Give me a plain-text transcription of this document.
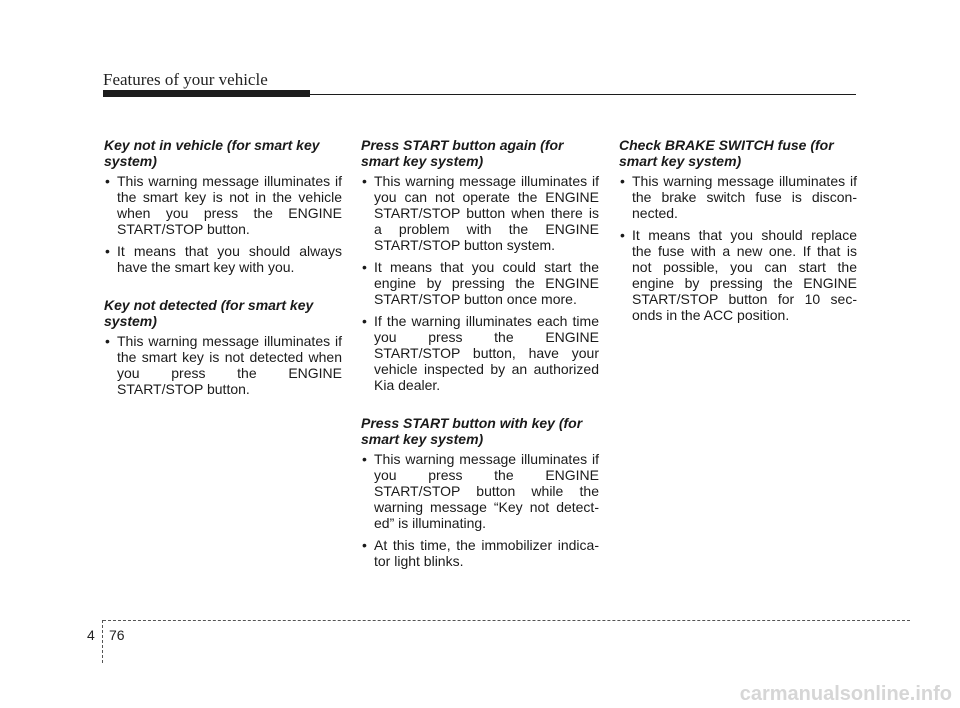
Features of your vehicle
Key not in vehicle (for smart key system)
• This warning message illuminates if the smart key is not in the vehicle when you press the ENGINE START/STOP button.
• It means that you should always have the smart key with you.
Key not detected (for smart key system)
• This warning message illuminates if the smart key is not detected when you press the ENGINE START/STOP button.
Press START button again (for smart key system)
• This warning message illuminates if you can not operate the ENGINE START/STOP button when there is a problem with the ENGINE START/STOP button system.
• It means that you could start the engine by pressing the ENGINE START/STOP button once more.
• If the warning illuminates each time you press the ENGINE START/STOP button, have your vehicle inspected by an authorized Kia dealer.
Press START button with key (for smart key system)
• This warning message illuminates if you press the ENGINE START/STOP button while the warning message “Key not detect-ed” is illuminating.
• At this time, the immobilizer indica-tor light blinks.
Check BRAKE SWITCH fuse (for smart key system)
• This warning message illuminates if the brake switch fuse is discon-nected.
• It means that you should replace the fuse with a new one. If that is not possible, you can start the engine by pressing the ENGINE START/STOP button for 10 sec-onds in the ACC position.
4 76
carmanualsonline.info
